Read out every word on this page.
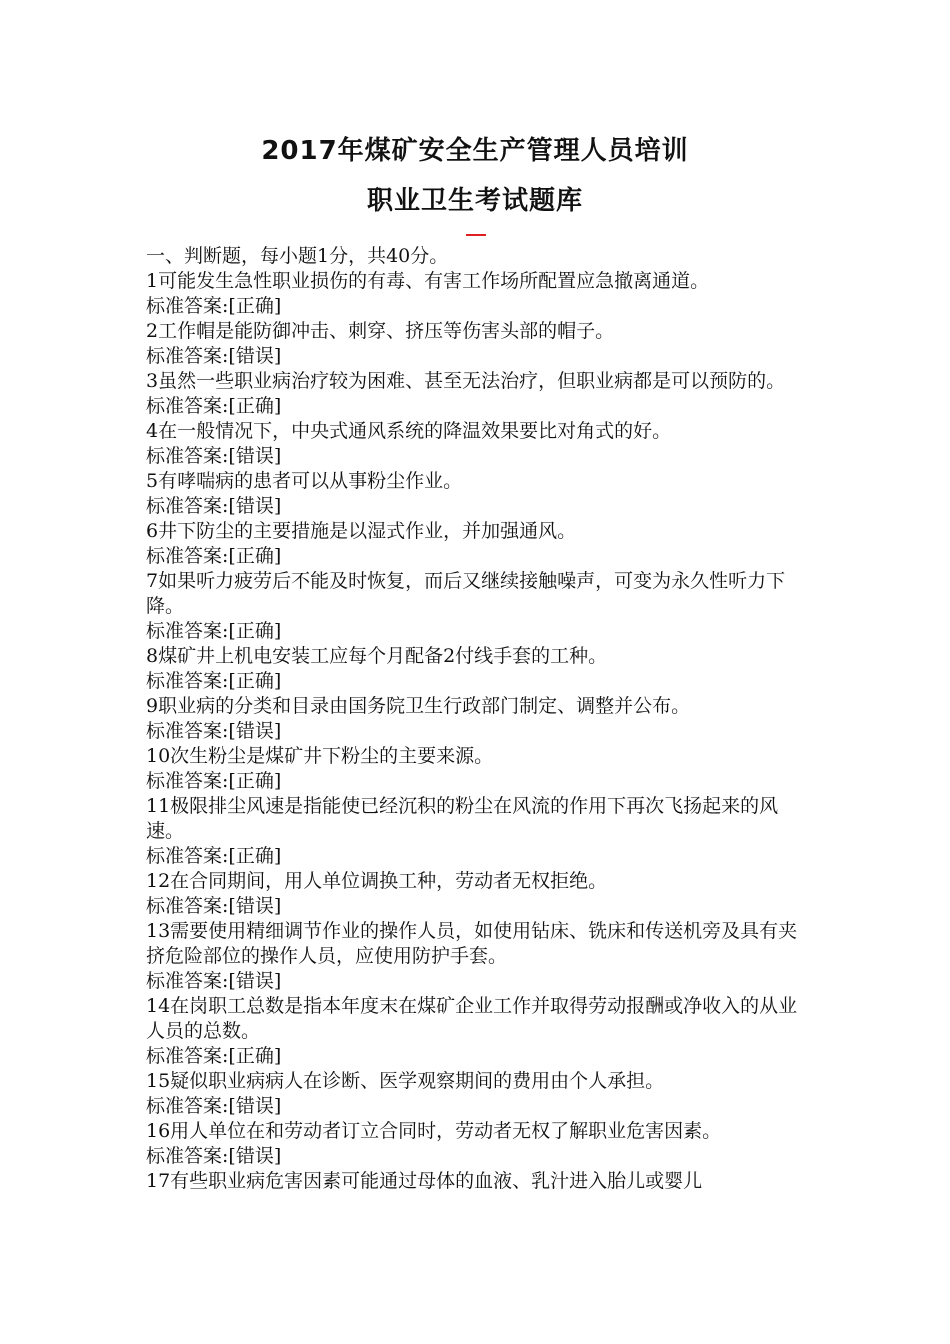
2017年煤矿安全生产管理人员培训
职业卫生考试题库

一、判断题，每小题1分，共40分。

1可能发生急性职业损伤的有毒、有害工作场所配置应急撤离通道。

标准答案:[正确]

2工作帽是能防御冲击、刺穿、挤压等伤害头部的帽子。

标准答案:[错误]

3虽然一些职业病治疗较为困难、甚至无法治疗，但职业病都是可以预防的。

标准答案:[正确]

4在一般情况下，中央式通风系统的降温效果要比对角式的好。

标准答案:[错误]

5有哮喘病的患者可以从事粉尘作业。

标准答案:[错误]

6井下防尘的主要措施是以湿式作业，并加强通风。

标准答案:[正确]

7如果听力疲劳后不能及时恢复，而后又继续接触噪声，可变为永久性听力下降。

标准答案:[正确]

8煤矿井上机电安装工应每个月配备2付线手套的工种。

标准答案:[正确]

9职业病的分类和目录由国务院卫生行政部门制定、调整并公布。

标准答案:[错误]

10次生粉尘是煤矿井下粉尘的主要来源。

标准答案:[正确]

11极限排尘风速是指能使已经沉积的粉尘在风流的作用下再次飞扬起来的风速。

标准答案:[正确]

12在合同期间，用人单位调换工种，劳动者无权拒绝。

标准答案:[错误]

13需要使用精细调节作业的操作人员，如使用钻床、铣床和传送机旁及具有夹挤危险部位的操作人员，应使用防护手套。

标准答案:[错误]

14在岗职工总数是指本年度末在煤矿企业工作并取得劳动报酬或净收入的从业人员的总数。

标准答案:[正确]

15疑似职业病病人在诊断、医学观察期间的费用由个人承担。

标准答案:[错误]

16用人单位在和劳动者订立合同时，劳动者无权了解职业危害因素。

标准答案:[错误]

17有些职业病危害因素可能通过母体的血液、乳汁进入胎儿或婴儿
